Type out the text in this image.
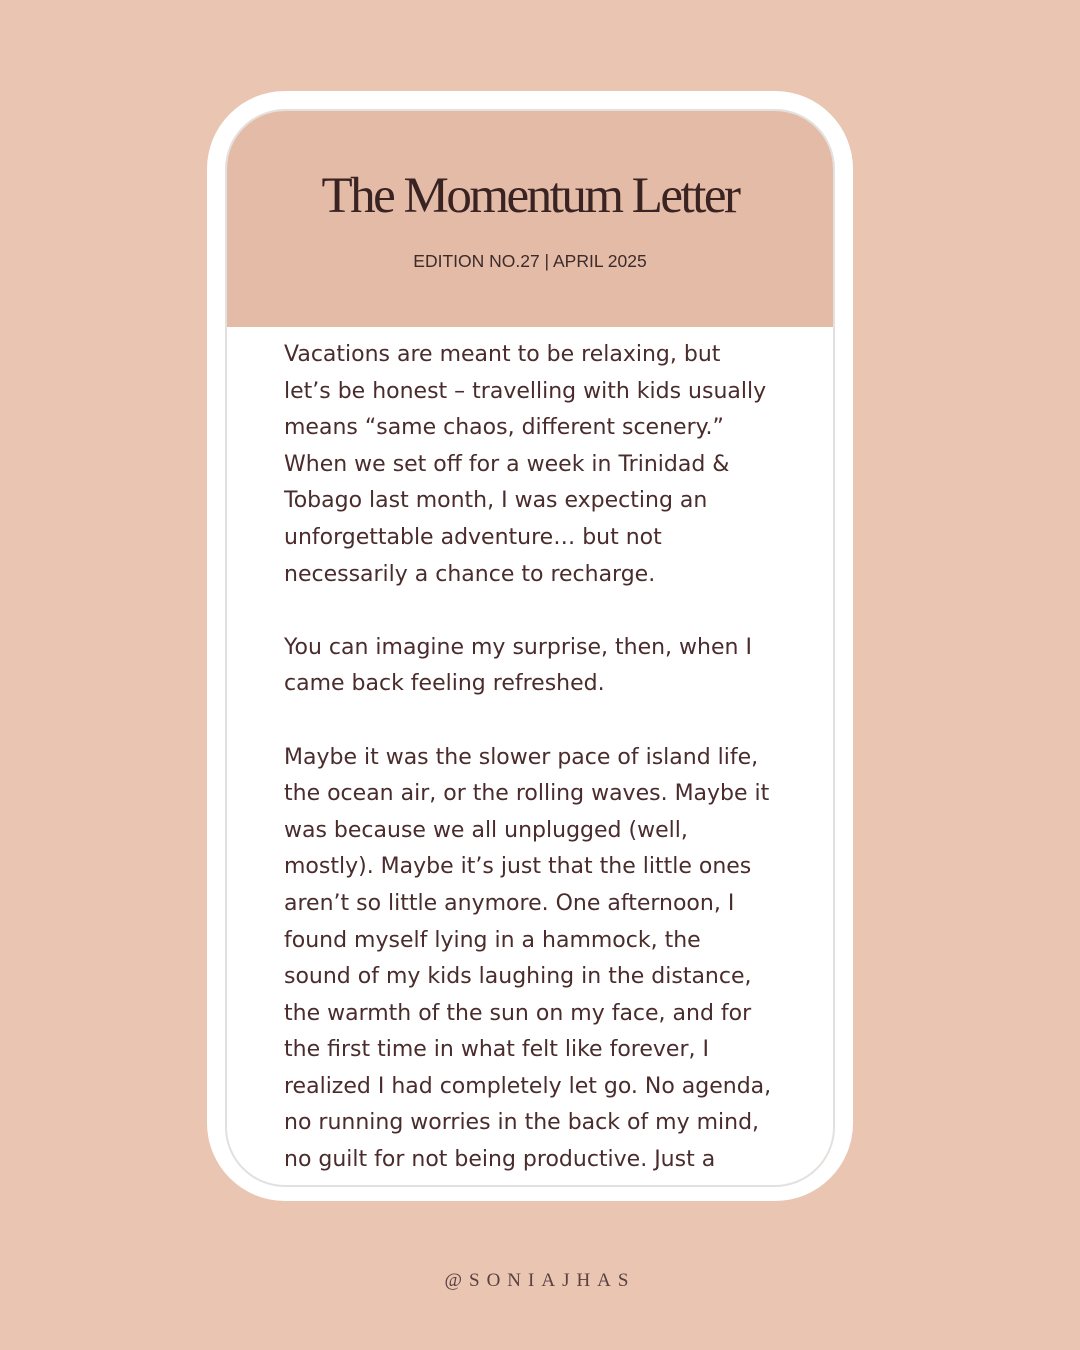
The Momentum Letter
EDITION NO.27 | APRIL 2025
Vacations are meant to be relaxing, but
let’s be honest – travelling with kids usually
means “same chaos, different scenery.”
When we set off for a week in Trinidad &
Tobago last month, I was expecting an
unforgettable adventure… but not
necessarily a chance to recharge.
You can imagine my surprise, then, when I
came back feeling refreshed.
Maybe it was the slower pace of island life,
the ocean air, or the rolling waves. Maybe it
was because we all unplugged (well,
mostly). Maybe it’s just that the little ones
aren’t so little anymore. One afternoon, I
found myself lying in a hammock, the
sound of my kids laughing in the distance,
the warmth of the sun on my face, and for
the first time in what felt like forever, I
realized I had completely let go. No agenda,
no running worries in the back of my mind,
no guilt for not being productive. Just a
@SONIAJHAS
